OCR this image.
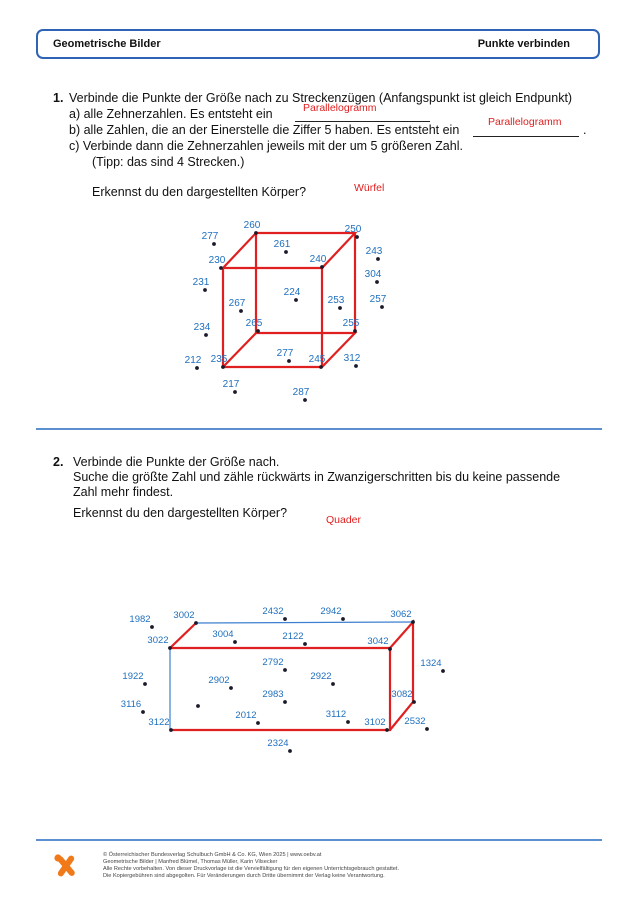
Geometrische Bilder	Punkte verbinden
1. Verbinde die Punkte der Größe nach zu Streckenzügen (Anfangspunkt ist gleich Endpunkt)
a) alle Zehnerzahlen. Es entsteht ein	Parallelogramm
b) alle Zahlen, die an der Einerstelle die Ziffer 5 haben. Es entsteht ein	.
Parallelogramm
c) Verbinde dann die Zehnerzahlen jeweils mit der um 5 größeren Zahl.
(Tipp: das sind 4 Strecken.)
Erkennst du den dargestellten Körper?	Würfel
2. Verbinde die Punkte der Größe nach.
Suche die größte Zahl und zähle rückwärts in Zwanzigerschritten bis du keine passende
Zahl mehr findest.
Erkennst du den dargestellten Körper?	Quader
277
260	250
261
230	240
243
304
231
224
253	257
267
234	265	255
212 235
277
245 312
217
287
1982 3002	2432	2942	3062
3022
3004	2122	3042
1922
2792
2922
1324
2902
3082
3116
2983
2012	3112
2532
3122
2324
3102
© Österreichischer Bundesverlag Schulbuch GmbH & Co. KG, Wien 2025 | www.oebv.at
Geometrische Bilder | Manfred Blümel, Thomas Müller, Karin Vilsecker
Alle Rechte vorbehalten. Von dieser Druckvorlage ist die Vervielfältigung für den eigenen Unterrichtsgebrauch gestattet.
Die Kopiergebühren sind abgegolten. Für Veränderungen durch Dritte übernimmt der Verlag keine Verantwortung.
